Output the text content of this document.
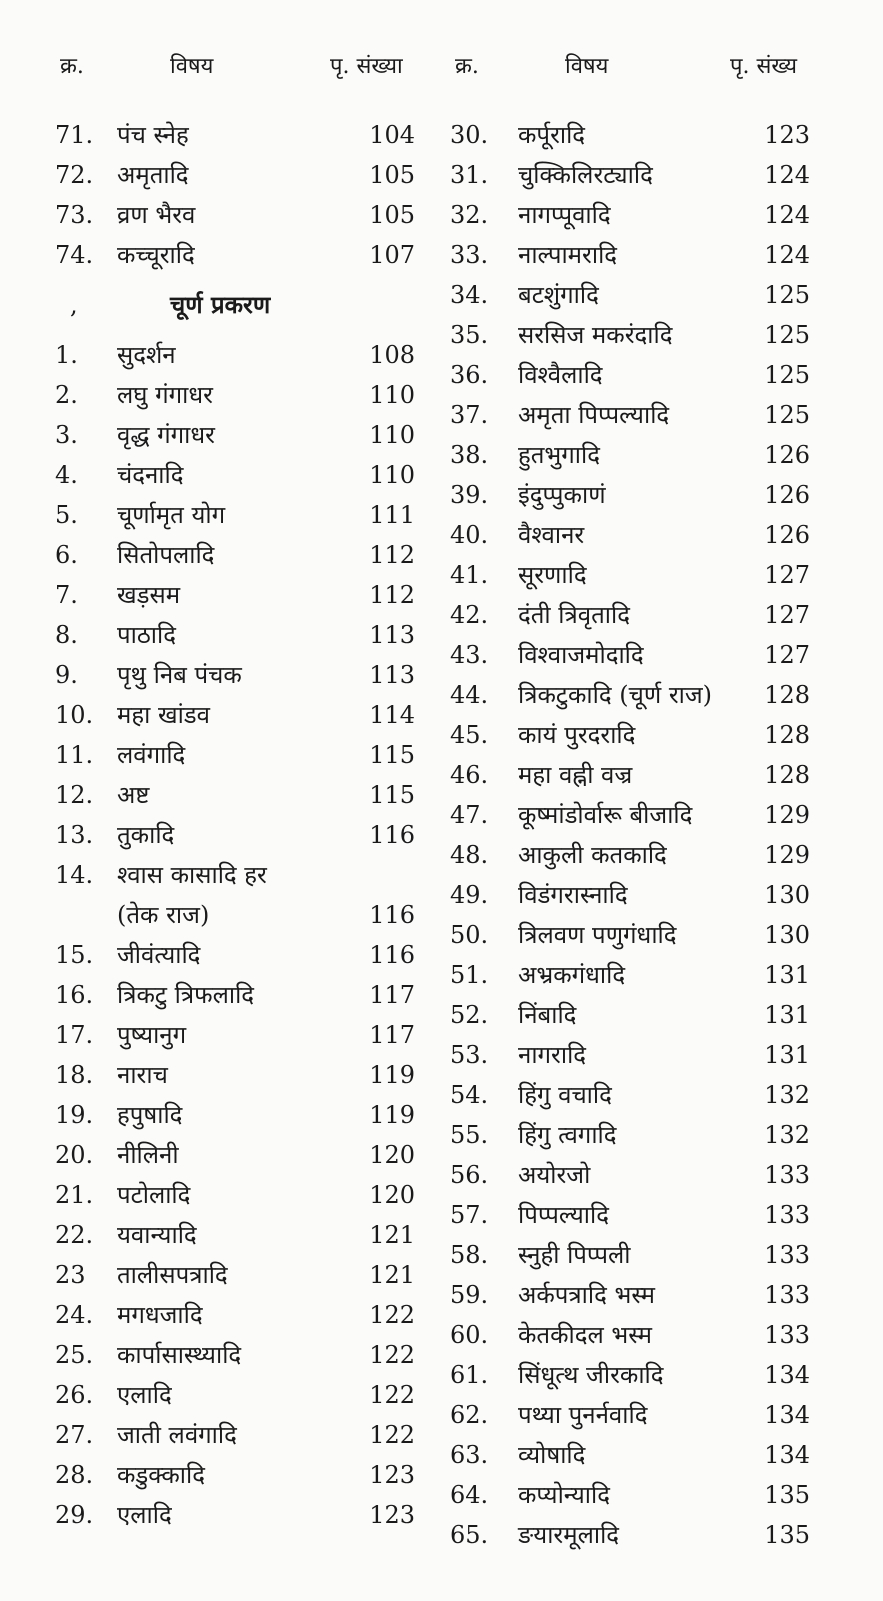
क्र.	विषय	पृ. संख्या क्र.	विषय	पृ. संख्य
71. पंच स्नेह	104
72. अमृतादि	105
73. व्रण भैरव	105
74. कच्चूरादि	107
,	चूर्ण प्रकरण
1. सुदर्शन	108
2. लघु गंगाधर	110
3. वृद्ध गंगाधर	110
4. चंदनादि	110
5. चूर्णामृत योग	111
6. सितोपलादि	112
7. खड़सम	112
8. पाठादि	113
9. पृथु निब पंचक	113
10. महा खांडव	114
11. लवंगादि	115
12. अष्ट	115
13. तुकादि	116
14. श्वास कासादि हर
(तेक राज)	116
15. जीवंत्यादि	116
16. त्रिकटु त्रिफलादि	117
17. पुष्यानुग	117
18. नाराच	119
19. हपुषादि	119
20. नीलिनी	120
21. पटोलादि	120
22. यवान्यादि	121
23 तालीसपत्रादि	121
24. मगधजादि	122
25. कार्पासास्थ्यादि	122
26. एलादि	122
27. जाती लवंगादि	122
28. कडुक्कादि	123
29. एलादि	123
30. कर्पूरादि	123
31. चुक्किलिरट्यादि	124
32. नागप्पूवादि	124
33. नाल्पामरादि	124
34. बटशुंगादि	125
35. सरसिज मकरंदादि	125
36. विश्वैलादि	125
37. अमृता पिप्पल्यादि	125
38. हुतभुगादि	126
39. इंदुप्पुकाणं	126
40. वैश्वानर	126
41. सूरणादि	127
42. दंती त्रिवृतादि	127
43. विश्वाजमोदादि	127
44. त्रिकटुकादि (चूर्ण राज)	128
45. कायं पुरदरादि	128
46. महा वह्नी वज्र	128
47. कूष्मांडोर्वारू बीजादि	129
48. आकुली कतकादि	129
49. विडंगरास्नादि	130
50. त्रिलवण पणुगंधादि	130
51. अभ्रकगंधादि	131
52. निंबादि	131
53. नागरादि	131
54. हिंगु वचादि	132
55. हिंगु त्वगादि	132
56. अयोरजो	133
57. पिप्पल्यादि	133
58. स्नुही पिप्पली	133
59. अर्कपत्रादि भस्म	133
60. केतकीदल भस्म	133
61. सिंधूत्थ जीरकादि	134
62. पथ्या पुनर्नवादि	134
63. व्योषादि	134
64. कप्योन्यादि	135
65. ङयारमूलादि	135
